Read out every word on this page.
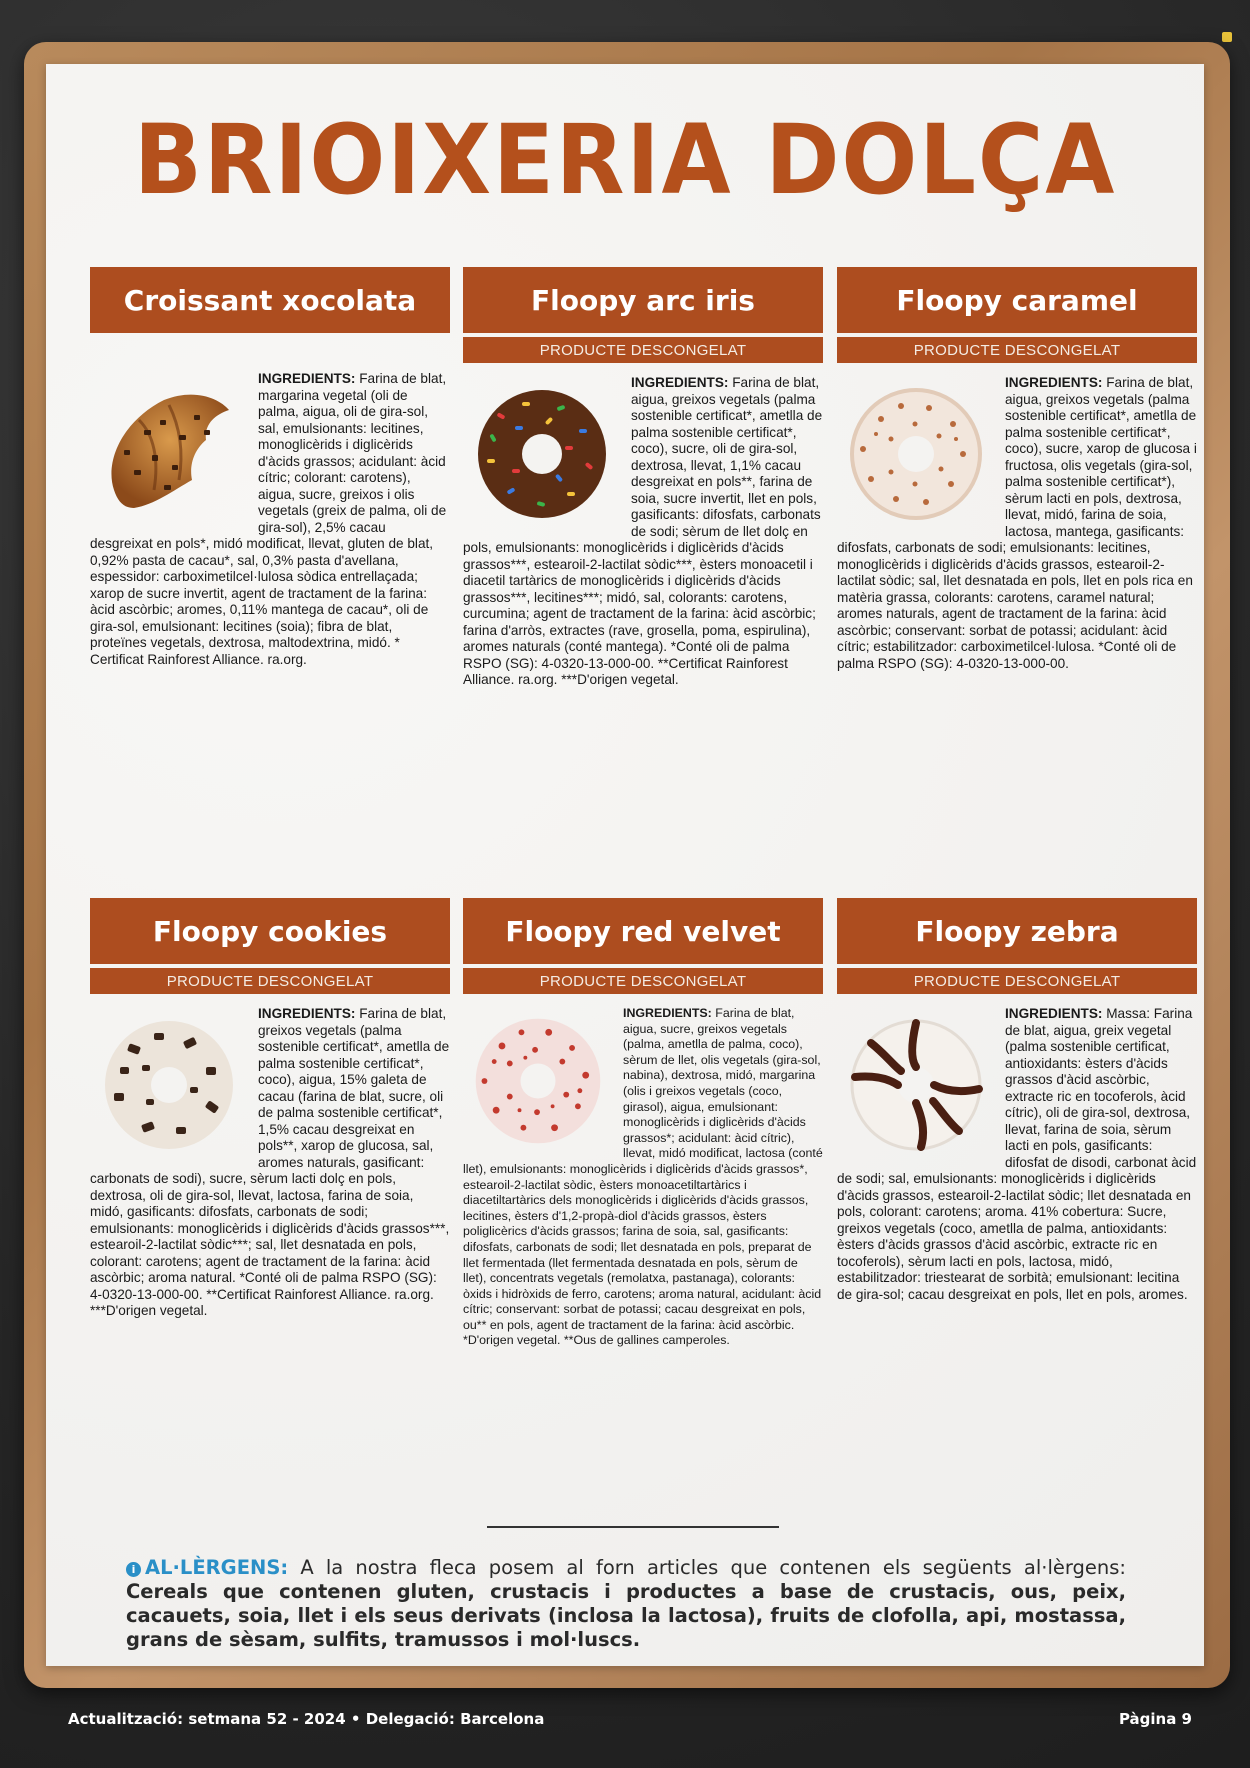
BRIOIXERIA DOLÇA
Croissant xocolata
INGREDIENTS: Farina de blat, margarina vegetal (oli de palma, aigua, oli de gira-sol, sal, emulsionants: lecitines, monoglicèrids i diglicèrids d'àcids grassos; acidulant: àcid cítric; colorant: carotens), aigua, sucre, greixos i olis vegetals (greix de palma, oli de gira-sol), 2,5% cacau desgreixat en pols*, midó modificat, llevat, gluten de blat, 0,92% pasta de cacau*, sal, 0,3% pasta d'avellana, espessidor: carboximetilcel·lulosa sòdica entrellaçada; xarop de sucre invertit, agent de tractament de la farina: àcid ascòrbic; aromes, 0,11% mantega de cacau*, oli de gira-sol, emulsionant: lecitines (soia); fibra de blat, proteïnes vegetals, dextrosa, maltodextrina, midó. * Certificat Rainforest Alliance. ra.org.
Floopy arc iris
PRODUCTE DESCONGELAT
INGREDIENTS: Farina de blat, aigua, greixos vegetals (palma sostenible certificat*, ametlla de palma sostenible certificat*, coco), sucre, oli de gira-sol, dextrosa, llevat, 1,1% cacau desgreixat en pols**, farina de soia, sucre invertit, llet en pols, gasificants: difosfats, carbonats de sodi; sèrum de llet dolç en pols, emulsionants: monoglicèrids i diglicèrids d'àcids grassos***, estearoil-2-lactilat sòdic***, èsters monoacetil i diacetil tartàrics de monoglicèrids i diglicèrids d'àcids grassos***, lecitines***; midó, sal, colorants: carotens, curcumina; agent de tractament de la farina: àcid ascòrbic; farina d'arròs, extractes (rave, grosella, poma, espirulina), aromes naturals (conté mantega). *Conté oli de palma RSPO (SG): 4-0320-13-000-00. **Certificat Rainforest Alliance. ra.org. ***D'origen vegetal.
Floopy caramel
PRODUCTE DESCONGELAT
INGREDIENTS: Farina de blat, aigua, greixos vegetals (palma sostenible certificat*, ametlla de palma sostenible certificat*, coco), sucre, xarop de glucosa i fructosa, olis vegetals (gira-sol, palma sostenible certificat*), sèrum lacti en pols, dextrosa, llevat, midó, farina de soia, lactosa, mantega, gasificants: difosfats, carbonats de sodi; emulsionants: lecitines, monoglicèrids i diglicèrids d'àcids grassos, estearoil-2-lactilat sòdic; sal, llet desnatada en pols, llet en pols rica en matèria grassa, colorants: carotens, caramel natural; aromes naturals, agent de tractament de la farina: àcid ascòrbic; conservant: sorbat de potassi; acidulant: àcid cítric; estabilitzador: carboximetilcel·lulosa. *Conté oli de palma RSPO (SG): 4-0320-13-000-00.
Floopy cookies
PRODUCTE DESCONGELAT
INGREDIENTS: Farina de blat, greixos vegetals (palma sostenible certificat*, ametlla de palma sostenible certificat*, coco), aigua, 15% galeta de cacau (farina de blat, sucre, oli de palma sostenible certificat*, 1,5% cacau desgreixat en pols**, xarop de glucosa, sal, aromes naturals, gasificant: carbonats de sodi), sucre, sèrum lacti dolç en pols, dextrosa, oli de gira-sol, llevat, lactosa, farina de soia, midó, gasificants: difosfats, carbonats de sodi; emulsionants: monoglicèrids i diglicèrids d'àcids grassos***, estearoil-2-lactilat sòdic***; sal, llet desnatada en pols, colorant: carotens; agent de tractament de la farina: àcid ascòrbic; aroma natural. *Conté oli de palma RSPO (SG): 4-0320-13-000-00. **Certificat Rainforest Alliance. ra.org. ***D'origen vegetal.
Floopy red velvet
PRODUCTE DESCONGELAT
INGREDIENTS: Farina de blat, aigua, sucre, greixos vegetals (palma, ametlla de palma, coco), sèrum de llet, olis vegetals (gira-sol, nabina), dextrosa, midó, margarina (olis i greixos vegetals (coco, girasol), aigua, emulsionant: monoglicèrids i diglicèrids d'àcids grassos*; acidulant: àcid cítric), llevat, midó modificat, lactosa (conté llet), emulsionants: monoglicèrids i diglicèrids d'àcids grassos*, estearoil-2-lactilat sòdic, èsters monoacetiltartàrics i diacetiltartàrics dels monoglicèrids i diglicèrids d'àcids grassos, lecitines, èsters d'1,2-propà-diol d'àcids grassos, èsters poliglicèrics d'àcids grassos; farina de soia, sal, gasificants: difosfats, carbonats de sodi; llet desnatada en pols, preparat de llet fermentada (llet fermentada desnatada en pols, sèrum de llet), concentrats vegetals (remolatxa, pastanaga), colorants: òxids i hidròxids de ferro, carotens; aroma natural, acidulant: àcid cítric; conservant: sorbat de potassi; cacau desgreixat en pols, ou** en pols, agent de tractament de la farina: àcid ascòrbic. *D'origen vegetal. **Ous de gallines camperoles.
Floopy zebra
PRODUCTE DESCONGELAT
INGREDIENTS: Massa: Farina de blat, aigua, greix vegetal (palma sostenible certificat, antioxidants: èsters d'àcids grassos d'àcid ascòrbic, extracte ric en tocoferols, àcid cítric), oli de gira-sol, dextrosa, llevat, farina de soia, sèrum lacti en pols, gasificants: difosfat de disodi, carbonat àcid de sodi; sal, emulsionants: monoglicèrids i diglicèrids d'àcids grassos, estearoil-2-lactilat sòdic; llet desnatada en pols, colorant: carotens; aroma. 41% cobertura: Sucre, greixos vegetals (coco, ametlla de palma, antioxidants: èsters d'àcids grassos d'àcid ascòrbic, extracte ric en tocoferols), sèrum lacti en pols, lactosa, midó, estabilitzador: triestearat de sorbità; emulsionant: lecitina de gira-sol; cacau desgreixat en pols, llet en pols, aromes.
i AL·LÈRGENS: A la nostra fleca posem al forn articles que contenen els següents al·lèrgens: Cereals que contenen gluten, crustacis i productes a base de crustacis, ous, peix, cacauets, soia, llet i els seus derivats (inclosa la lactosa), fruits de clofolla, api, mostassa, grans de sèsam, sulfits, tramussos i mol·luscs.
Actualització: setmana 52 - 2024 • Delegació: Barcelona	Pàgina 9
